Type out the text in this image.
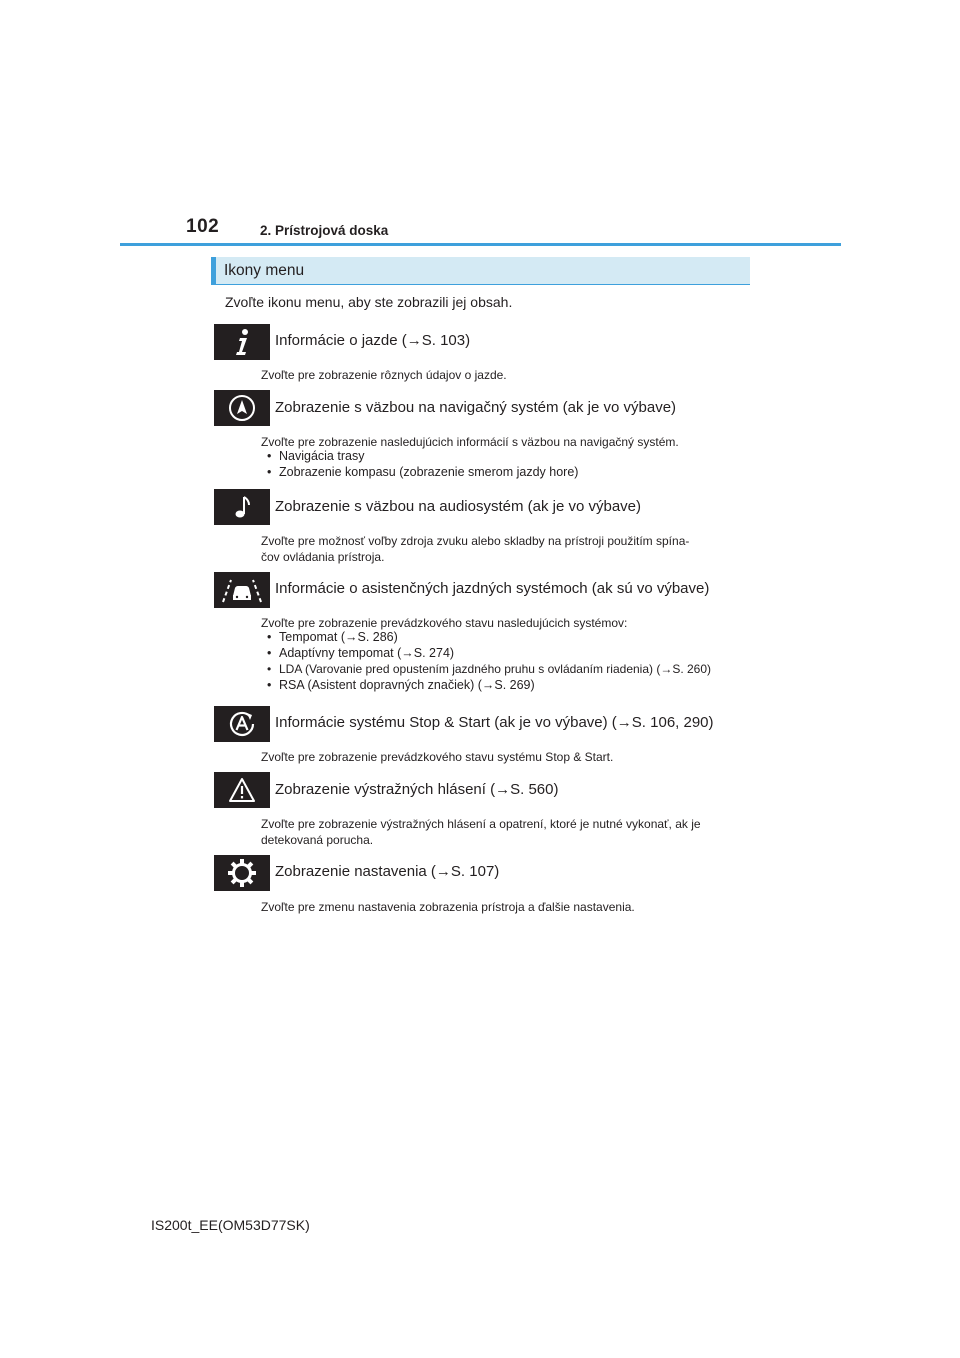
102	2. Prístrojová doska
Ikony menu
Zvoľte ikonu menu, aby ste zobrazili jej obsah.
Informácie o jazde (→S. 103)
Zvoľte pre zobrazenie rôznych údajov o jazde.
Zobrazenie s väzbou na navigačný systém (ak je vo výbave)
Zvoľte pre zobrazenie nasledujúcich informácií s väzbou na navigačný systém.
• Navigácia trasy
• Zobrazenie kompasu (zobrazenie smerom jazdy hore)
Zobrazenie s väzbou na audiosystém (ak je vo výbave)
Zvoľte pre možnosť voľby zdroja zvuku alebo skladby na prístroji použitím spína-
čov ovládania prístroja.
Informácie o asistenčných jazdných systémoch (ak sú vo výbave)
Zvoľte pre zobrazenie prevádzkového stavu nasledujúcich systémov:
• Tempomat (→S. 286)
• Adaptívny tempomat (→S. 274)
• LDA (Varovanie pred opustením jazdného pruhu s ovládaním riadenia) (→S. 260)
• RSA (Asistent dopravných značiek) (→S. 269)
Informácie systému Stop & Start (ak je vo výbave) (→S. 106, 290)
Zvoľte pre zobrazenie prevádzkového stavu systému Stop & Start.
Zobrazenie výstražných hlásení (→S. 560)
Zvoľte pre zobrazenie výstražných hlásení a opatrení, ktoré je nutné vykonať, ak je
detekovaná porucha.
Zobrazenie nastavenia (→S. 107)
Zvoľte pre zmenu nastavenia zobrazenia prístroja a ďalšie nastavenia.
IS200t_EE(OM53D77SK)
